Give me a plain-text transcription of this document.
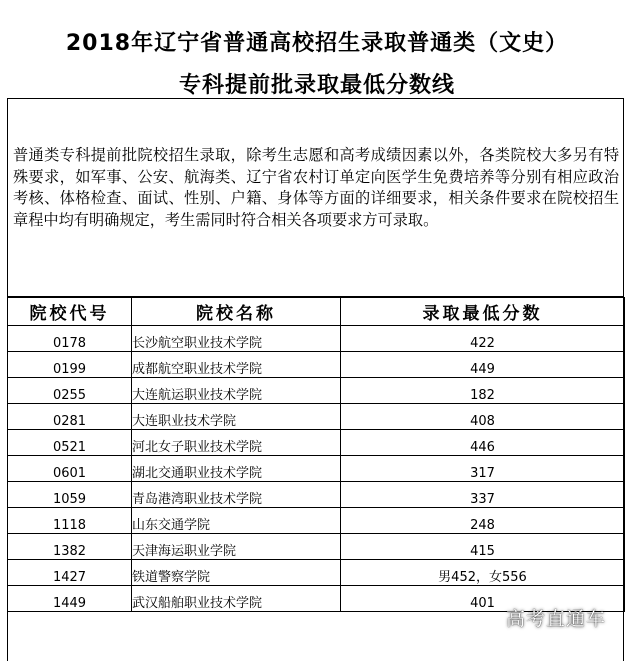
2018年辽宁省普通高校招生录取普通类（文史）
专科提前批录取最低分数线
普通类专科提前批院校招生录取，除考生志愿和高考成绩因素以外，各类院校大多另有特殊要求，如军事、公安、航海类、辽宁省农村订单定向医学生免费培养等分别有相应政治考核、体格检查、面试、性别、户籍、身体等方面的详细要求，相关条件要求在院校招生章程中均有明确规定，考生需同时符合相关各项要求方可录取。
院校代号	院校名称	录取最低分数
0178	长沙航空职业技术学院	422
0199	成都航空职业技术学院	449
0255	大连航运职业技术学院	182
0281	大连职业技术学院	408
0521	河北女子职业技术学院	446
0601	湖北交通职业技术学院	317
1059	青岛港湾职业技术学院	337
1118	山东交通学院	248
1382	天津海运职业学院	415
1427	铁道警察学院	男452，女556
1449	武汉船舶职业技术学院	401
高考直通车
